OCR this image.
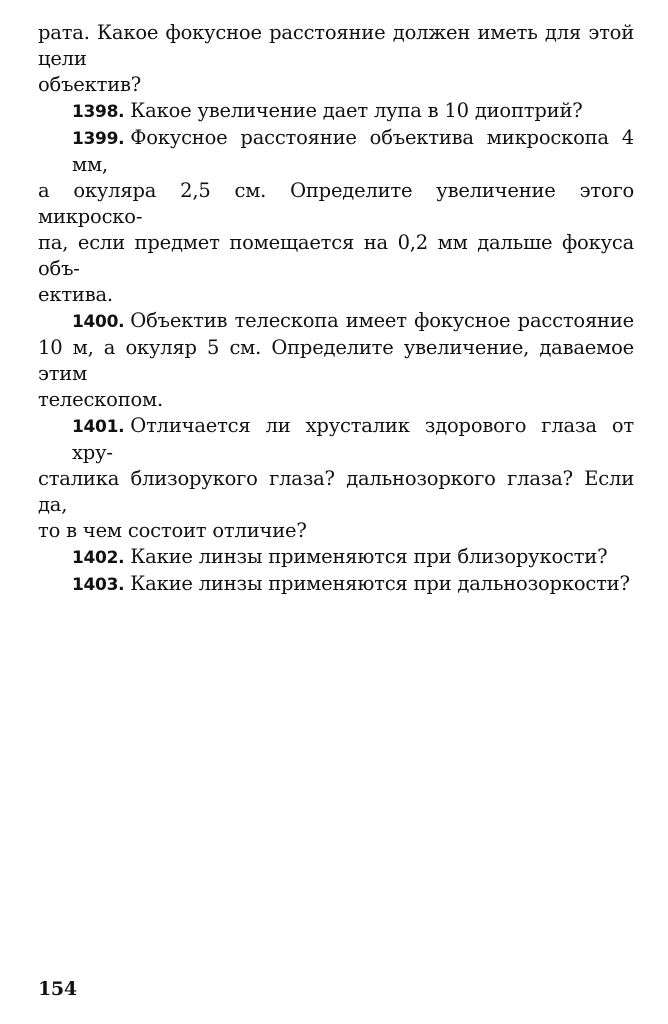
рата. Какое фокусное расстояние должен иметь для этой цели
объектив?
1398. Какое увеличение дает лупа в 10 диоптрий?
1399. Фокусное расстояние объектива микроскопа 4 мм,
а окуляра 2,5 см. Определите увеличение этого микроско-
па, если предмет помещается на 0,2 мм дальше фокуса объ-
ектива.
1400. Объектив телескопа имеет фокусное расстояние
10 м, а окуляр 5 см. Определите увеличение, даваемое этим
телескопом.
1401. Отличается ли хрусталик здорового глаза от хру-
сталика близорукого глаза? дальнозоркого глаза? Если да,
то в чем состоит отличие?
1402. Какие линзы применяются при близорукости?
1403. Какие линзы применяются при дальнозоркости?
154
